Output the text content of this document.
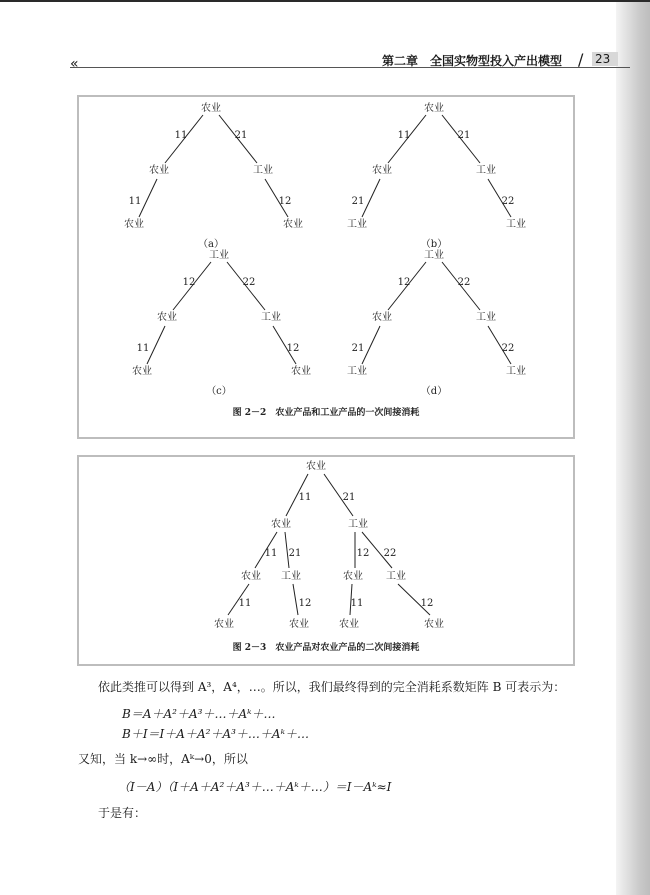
«	第二章　全国实物型投入产出模型 / 23
农业
11	21
农业	工业
11	12
农业	农业
（a）
农业
11	21
农业	工业
21	22
工业	工业
（b）
工业
12	22
农业	工业
11	12
农业	农业
（c）
工业
12	22
农业	工业
21	22
工业	工业
（d）
图 2－2　农业产品和工业产品的一次间接消耗
农业
11	21
农业	工业
11 21	12 22
农业 工业	农业 工业
11	12	11	12
农业	农业	农业	农业
图 2－3　农业产品对农业产品的二次间接消耗
依此类推可以得到 A³，A⁴，…。所以，我们最终得到的完全消耗系数矩阵 B 可表示为：
B＝A＋A²＋A³＋…＋Aᵏ＋…
B＋I＝I＋A＋A²＋A³＋…＋Aᵏ＋…
又知，当 k→∞时，Aᵏ→0，所以
（I－A）（I＋A＋A²＋A³＋…＋Aᵏ＋…）＝I－Aᵏ≈I
于是有：
